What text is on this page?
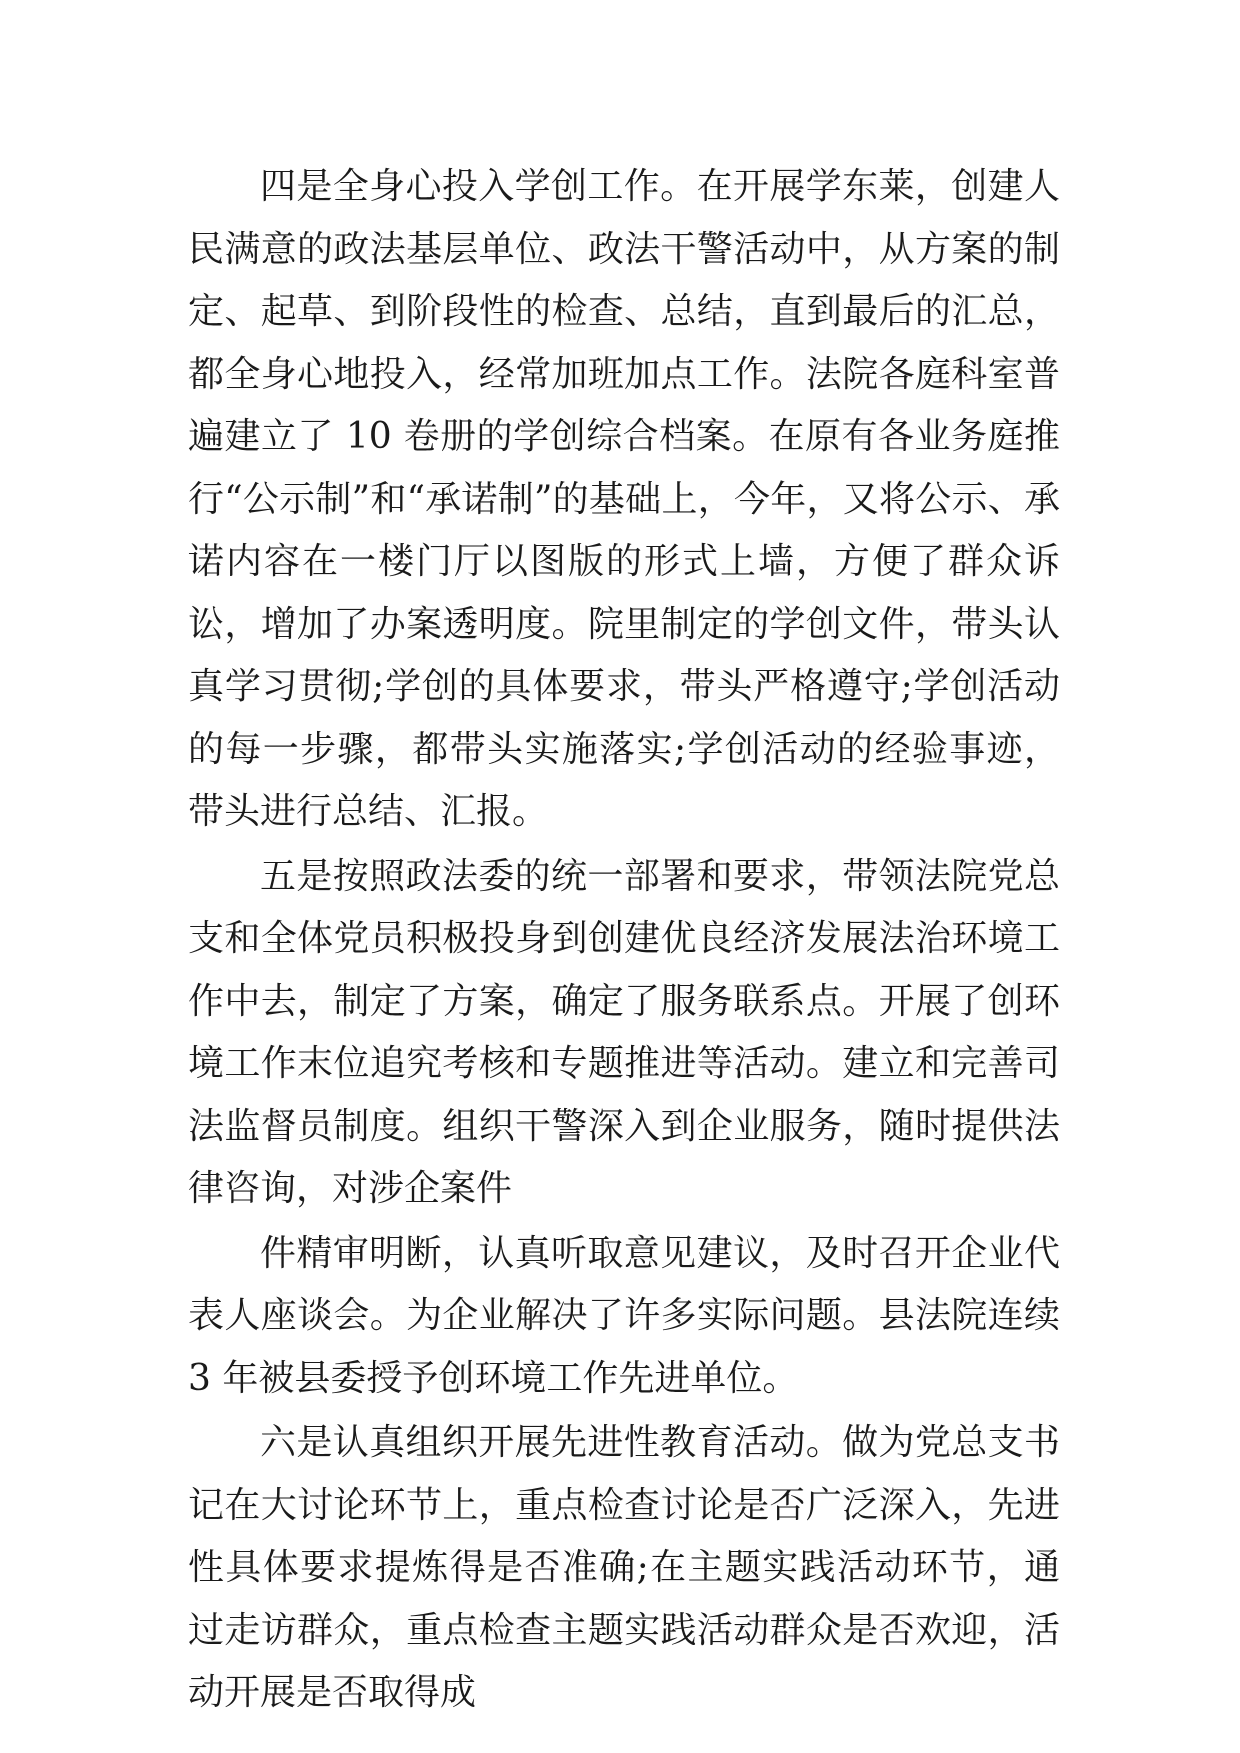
四是全身心投入学创工作。在开展学东莱，创建人民满意的政法基层单位、政法干警活动中，从方案的制定、起草、到阶段性的检查、总结，直到最后的汇总，都全身心地投入，经常加班加点工作。法院各庭科室普遍建立了 10 卷册的学创综合档案。在原有各业务庭推行“公示制”和“承诺制”的基础上，今年，又将公示、承诺内容在一楼门厅以图版的形式上墙，方便了群众诉讼，增加了办案透明度。院里制定的学创文件，带头认真学习贯彻;学创的具体要求，带头严格遵守;学创活动的每一步骤，都带头实施落实;学创活动的经验事迹，带头进行总结、汇报。

五是按照政法委的统一部署和要求，带领法院党总支和全体党员积极投身到创建优良经济发展法治环境工作中去，制定了方案，确定了服务联系点。开展了创环境工作末位追究考核和专题推进等活动。建立和完善司法监督员制度。组织干警深入到企业服务，随时提供法律咨询，对涉企案件

件精审明断，认真听取意见建议，及时召开企业代表人座谈会。为企业解决了许多实际问题。县法院连续 3 年被县委授予创环境工作先进单位。

六是认真组织开展先进性教育活动。做为党总支书记在大讨论环节上，重点检查讨论是否广泛深入，先进性具体要求提炼得是否准确;在主题实践活动环节，通过走访群众，重点检查主题实践活动群众是否欢迎，活动开展是否取得成
